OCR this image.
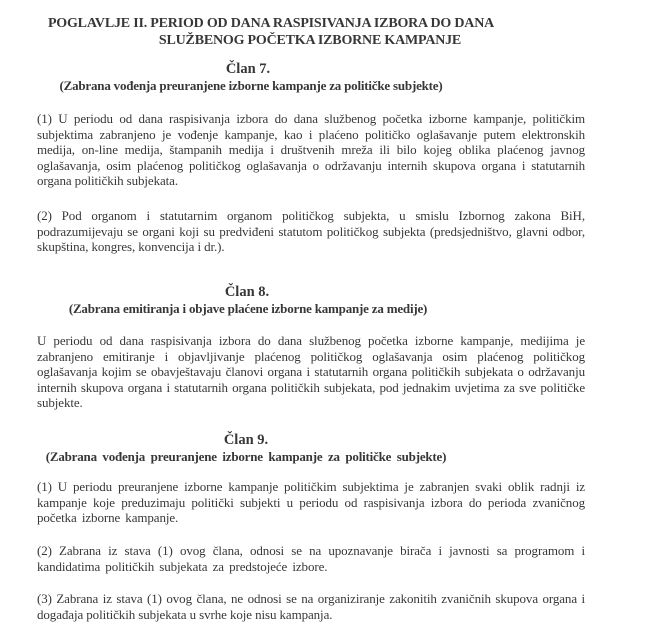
POGLAVLJE II. PERIOD OD DANA RASPISIVANJA IZBORA DO DANA
SLUŽBENOG POČETKA IZBORNE KAMPANJE
Član 7.
(Zabrana vođenja preuranjene izborne kampanje za političke subjekte)

(1) U periodu od dana raspisivanja izbora do dana službenog početka izborne kampanje, političkim subjektima zabranjeno je vođenje kampanje, kao i plaćeno političko oglašavanje putem elektronskih medija, on-line medija, štampanih medija i društvenih mreža ili bilo kojeg oblika plaćenog javnog oglašavanja, osim plaćenog političkog oglašavanja o održavanju internih skupova organa i statutarnih organa političkih subjekata.

(2) Pod organom i statutarnim organom političkog subjekta, u smislu Izbornog zakona BiH, podrazumijevaju se organi koji su predviđeni statutom političkog subjekta (predsjedništvo, glavni odbor, skupština, kongres, konvencija i dr.).

Član 8.
(Zabrana emitiranja i objave plaćene izborne kampanje za medije)

U periodu od dana raspisivanja izbora do dana službenog početka izborne kampanje, medijima je zabranjeno emitiranje i objavljivanje plaćenog političkog oglašavanja osim plaćenog političkog oglašavanja kojim se obavještavaju članovi organa i statutarnih organa političkih subjekata o održavanju internih skupova organa i statutarnih organa političkih subjekata, pod jednakim uvjetima za sve političke subjekte.

Član 9.
(Zabrana vođenja preuranjene izborne kampanje za političke subjekte)

(1) U periodu preuranjene izborne kampanje političkim subjektima je zabranjen svaki oblik radnji iz kampanje koje preduzimaju politički subjekti u periodu od raspisivanja izbora do perioda zvaničnog početka izborne kampanje.

(2) Zabrana iz stava (1) ovog člana, odnosi se na upoznavanje birača i javnosti sa programom i kandidatima političkih subjekata za predstojeće izbore.

(3) Zabrana iz stava (1) ovog člana, ne odnosi se na organiziranje zakonitih zvaničnih skupova organa i događaja političkih subjekata u svrhe koje nisu kampanja.
